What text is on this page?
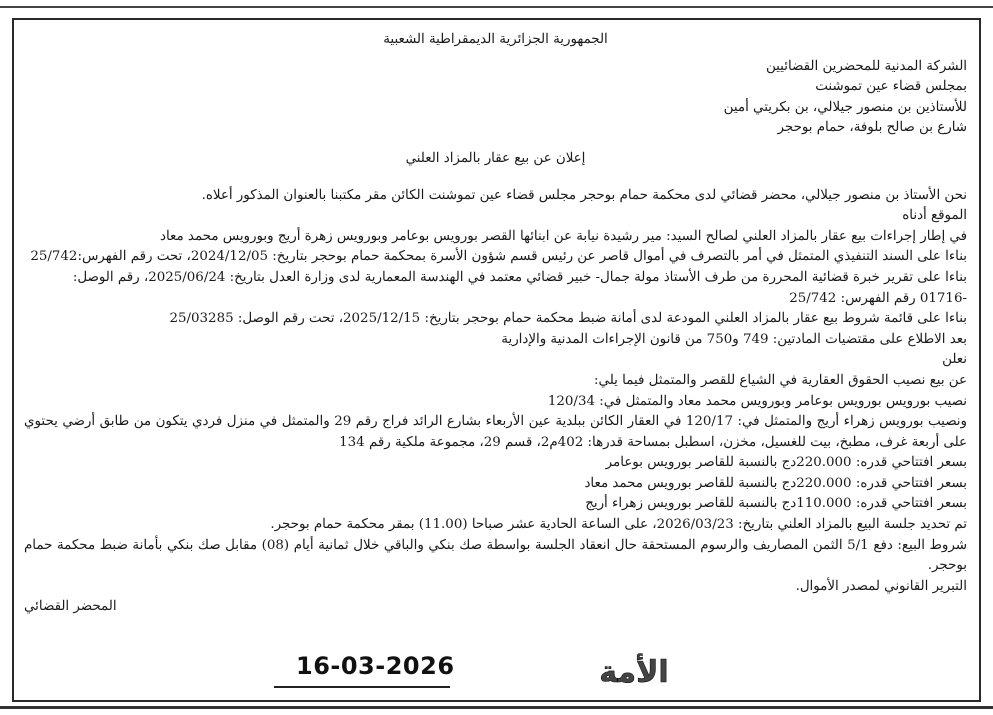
الجمهورية الجزائرية الديمقراطية الشعبية
الشركة المدنية للمحضرين القضائيين
بمجلس قضاء عين تموشنت
للأستاذين بن منصور جيلالي، بن بكريتي أمين
شارع بن صالح بلوفة، حمام بوحجر
إعلان عن بيع عقار بالمزاد العلني
نحن الأستاذ بن منصور جيلالي، محضر قضائي لدى محكمة حمام بوحجر مجلس قضاء عين تموشنت الكائن مقر مكتبنا بالعنوان المذكور أعلاه.
الموقع أدناه
في إطار إجراءات بيع عقار بالمزاد العلني لصالح السيد: مير رشيدة نيابة عن ابنائها القصر بورويس بوعامر وبورويس زهرة أريج وبورويس محمد معاد
بناءا على السند التنفيذي المتمثل في أمر بالتصرف في أموال قاصر عن رئيس قسم شؤون الأسرة بمحكمة حمام بوحجر بتاريخ: 2024/12/05، تحت رقم الفهرس:25/742
بناءا على تقرير خبرة قضائية المحررة من طرف الأستاذ مولة جمال- خبير قضائي معتمد في الهندسة المعمارية لدى وزارة العدل بتاريخ: 2025/06/24، رقم الوصل:
-01716 رقم الفهرس: 25/742
بناءا على قائمة شروط بيع عقار بالمزاد العلني المودعة لدى أمانة ضبط محكمة حمام بوحجر بتاريخ: 2025/12/15، تحت رقم الوصل: 25/03285
بعد الاطلاع على مقتضيات المادتين: 749 و750 من قانون الإجراءات المدنية والإدارية
نعلن
عن بيع نصيب الحقوق العقارية في الشياع للقصر والمتمثل فيما يلي:
نصيب بورويس بورويس بوعامر وبورويس محمد معاد والمتمثل في: 120/34
ونصيب بورويس زهراء أريج والمتمثل في: 120/17 في العقار الكائن ببلدية عين الأربعاء بشارع الرائد فراج رقم 29 والمتمثل في منزل فردي يتكون من طابق أرضي يحتوي على أربعة غرف، مطبخ، بيت للغسيل، مخزن، اسطبل بمساحة قدرها: 402م2، قسم 29، مجموعة ملكية رقم 134
بسعر افتتاحي قدره: 220.000دج بالنسبة للقاصر بورويس بوعامر
بسعر افتتاحي قدره: 220.000دج بالنسبة للقاصر بورويس محمد معاد
بسعر افتتاحي قدره: 110.000دج بالنسبة للقاصر بورويس زهراء أريج
تم تحديد جلسة البيع بالمزاد العلني بتاريخ: 2026/03/23، على الساعة الحادية عشر صباحا (11.00) بمقر محكمة حمام بوحجر.
شروط البيع: دفع 5/1 الثمن المصاريف والرسوم المستحقة حال انعقاد الجلسة بواسطة صك بنكي والباقي خلال ثمانية أيام (08) مقابل صك بنكي بأمانة ضبط محكمة حمام بوحجر.
التبرير القانوني لمصدر الأموال.
المحضر القضائي
الأمة
16-03-2026
